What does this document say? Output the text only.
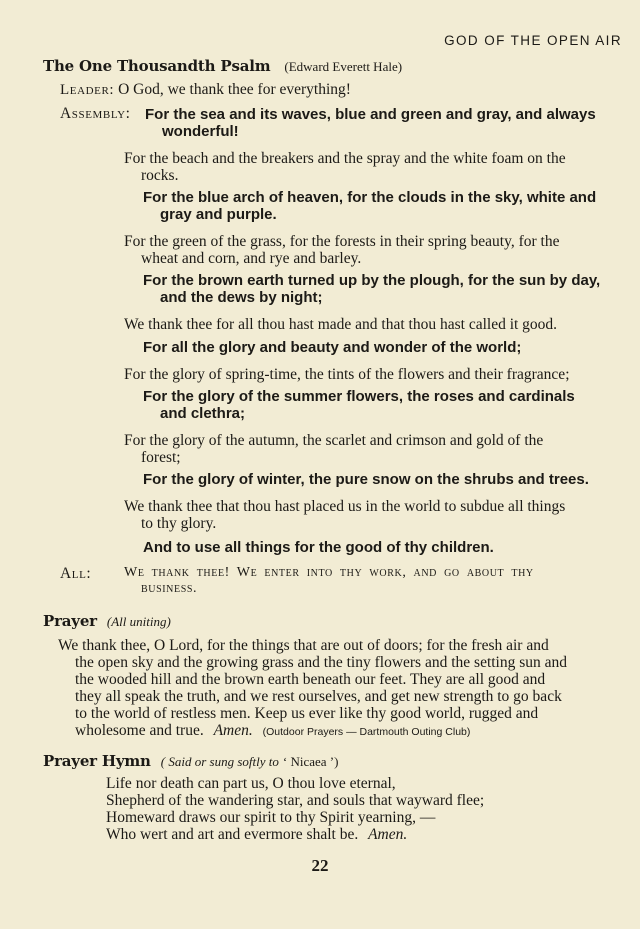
GOD OF THE OPEN AIR
The One Thousandth Psalm (Edward Everett Hale)
Leader: O God, we thank thee for everything!
Assembly: For the sea and its waves, blue and green and gray, and always
wonderful!
For the beach and the breakers and the spray and the white foam on the
rocks.
For the blue arch of heaven, for the clouds in the sky, white and
gray and purple.
For the green of the grass, for the forests in their spring beauty, for the
wheat and corn, and rye and barley.
For the brown earth turned up by the plough, for the sun by day,
and the dews by night;
We thank thee for all thou hast made and that thou hast called it good.
For all the glory and beauty and wonder of the world;
For the glory of spring-time, the tints of the flowers and their fragrance;
For the glory of the summer flowers, the roses and cardinals
and clethra;
For the glory of the autumn, the scarlet and crimson and gold of the
forest;
For the glory of winter, the pure snow on the shrubs and trees.
We thank thee that thou hast placed us in the world to subdue all things
to thy glory.
And to use all things for the good of thy children.
All: We thank thee! We enter into thy work, and go about thy
business.
Prayer (All uniting)
We thank thee, O Lord, for the things that are out of doors; for the fresh air and
the open sky and the growing grass and the tiny flowers and the setting sun and
the wooded hill and the brown earth beneath our feet. They are all good and
they all speak the truth, and we rest ourselves, and get new strength to go back
to the world of restless men. Keep us ever like thy good world, rugged and
wholesome and true. Amen. (Outdoor Prayers — Dartmouth Outing Club)
Prayer Hymn ( Said or sung softly to ‘ Nicaea ’)
Life nor death can part us, O thou love eternal,
Shepherd of the wandering star, and souls that wayward flee;
Homeward draws our spirit to thy Spirit yearning, —
Who wert and art and evermore shalt be. Amen.
22
